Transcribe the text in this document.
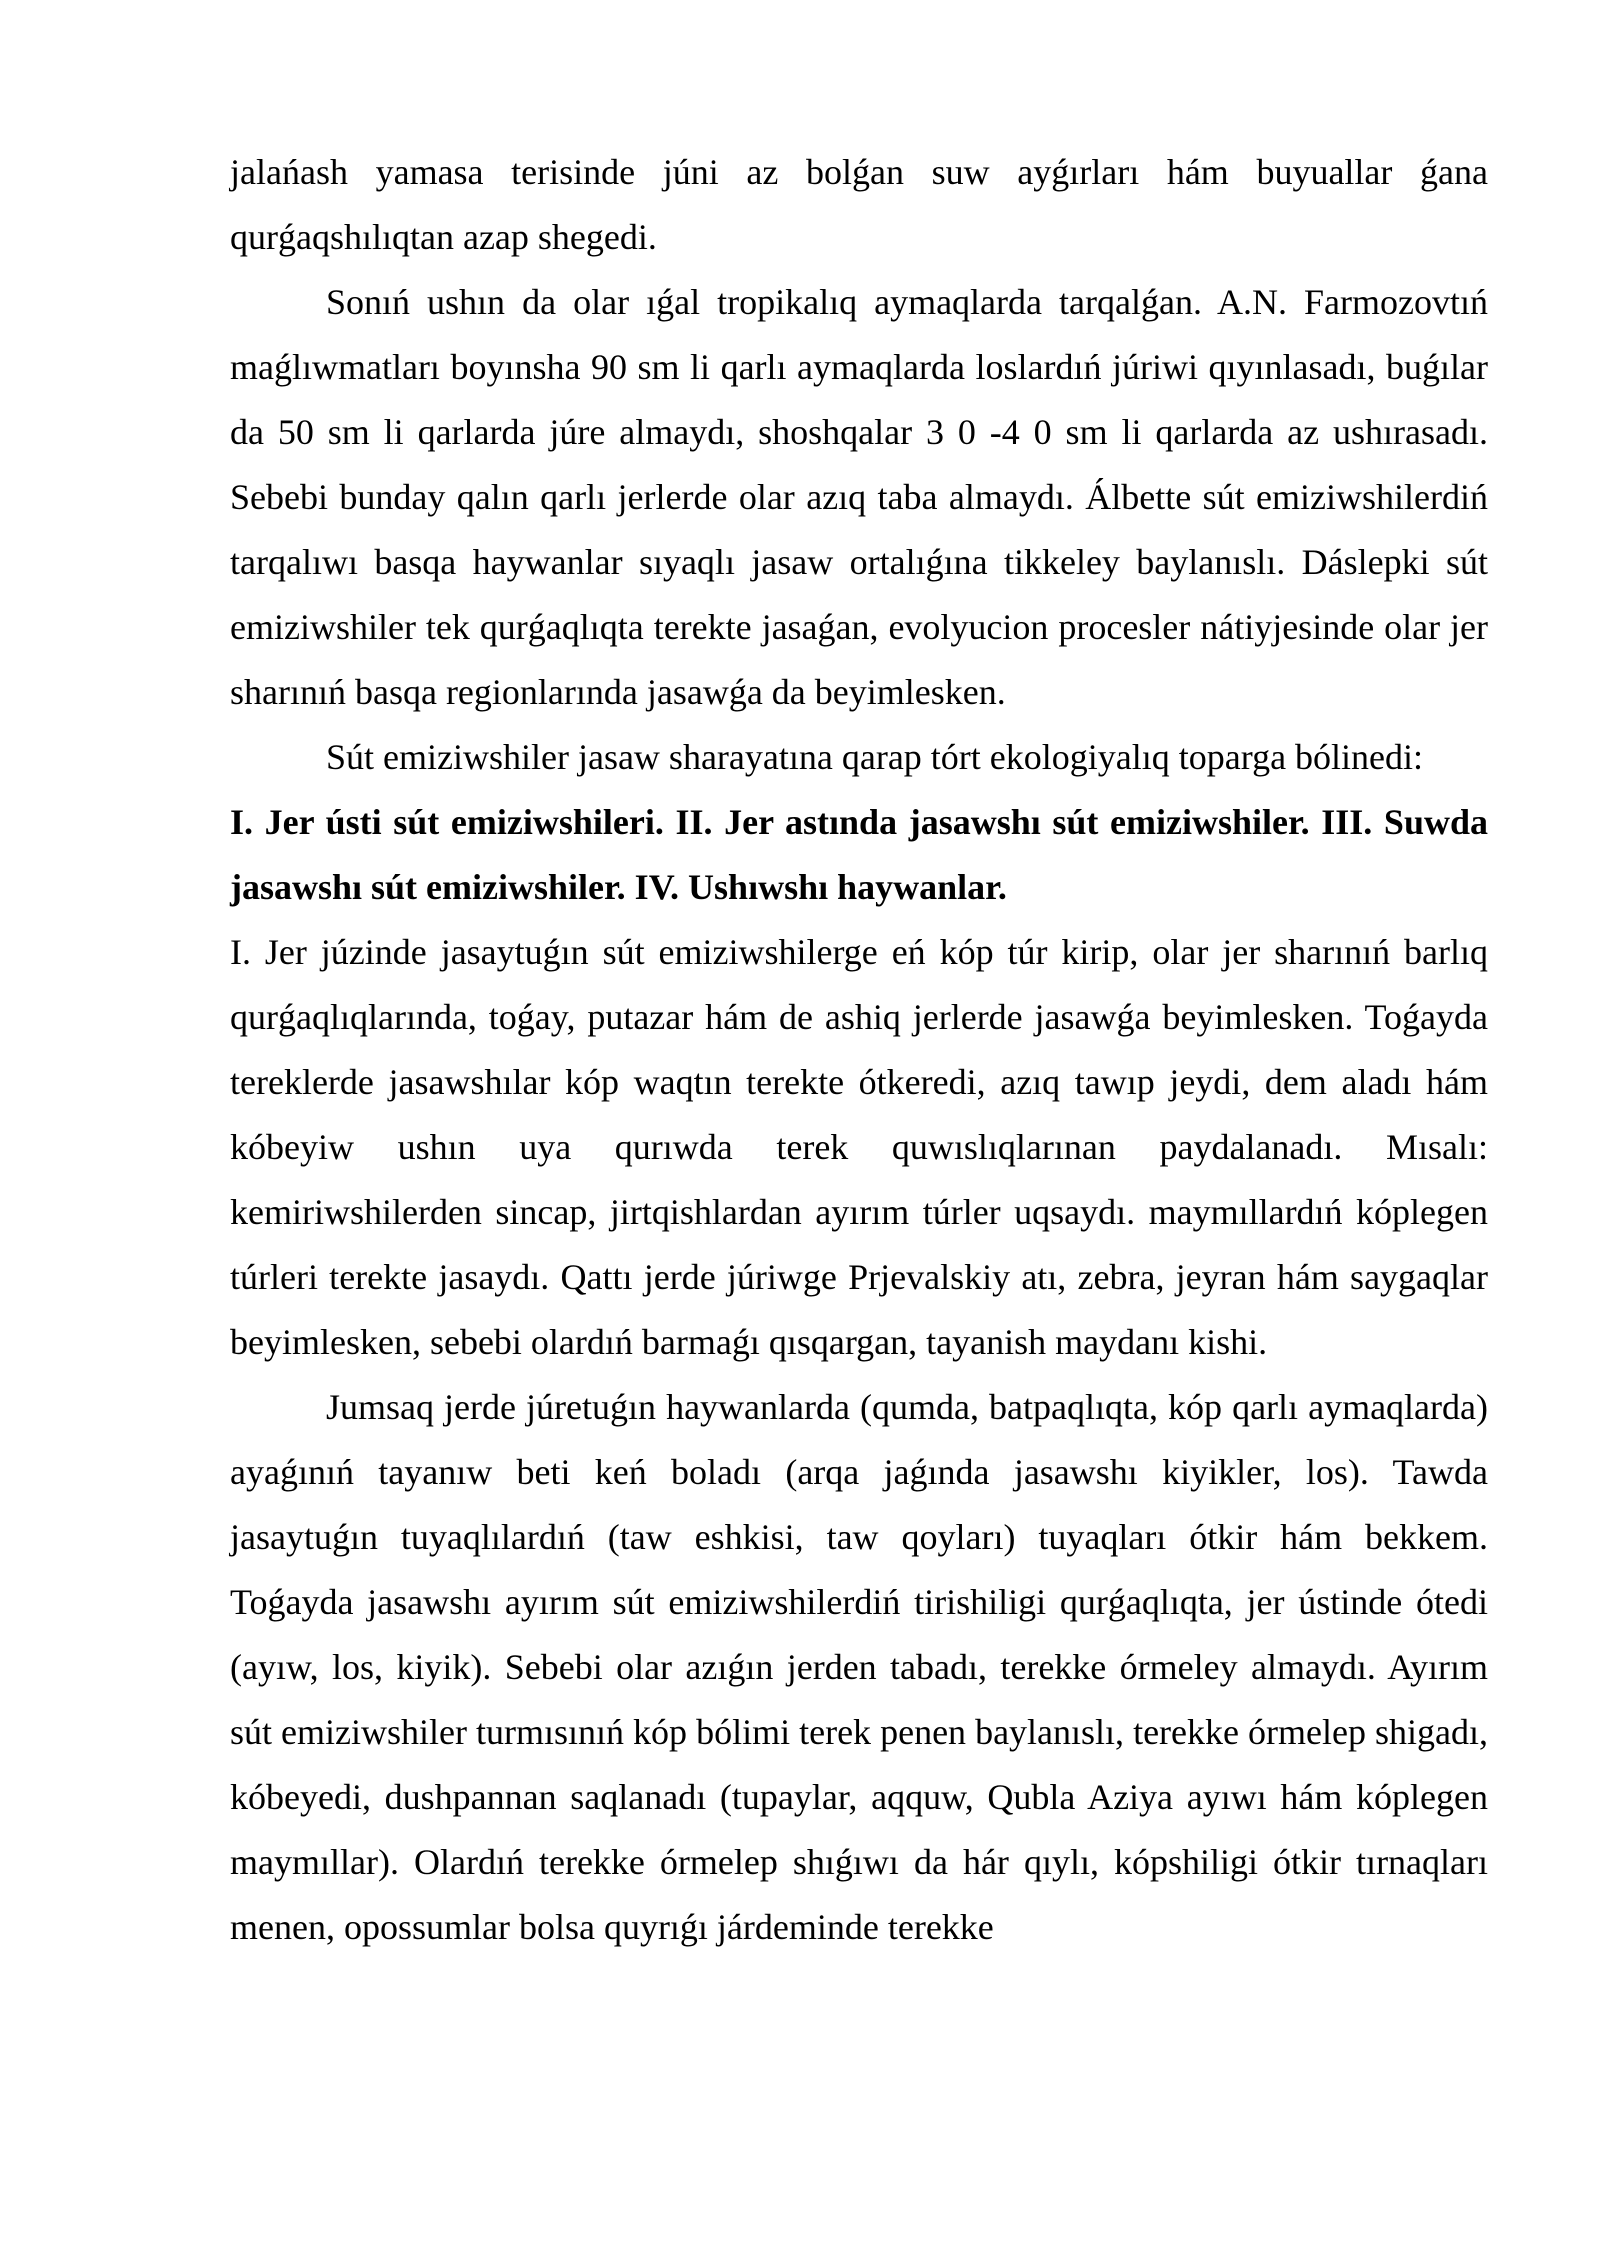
jalańash yamasa terisinde júni az bolǵan suw ayǵırları hám buyuallar ǵana qurǵaqshılıqtan azap shegedi.

Sonıń ushın da olar ıǵal tropikalıq aymaqlarda tarqalǵan. A.N. Farmozovtıń maǵlıwmatları boyınsha 90 sm li qarlı aymaqlarda loslardıń júriwi qıyınlasadı, buǵılar da 50 sm li qarlarda júre almaydı, shoshqalar 3 0 -4 0 sm li qarlarda az ushırasadı. Sebebi bunday qalın qarlı jerlerde olar azıq taba almaydı. Álbette sút emiziwshilerdiń tarqalıwı basqa haywanlar sıyaqlı jasaw ortalıǵına tikkeley baylanıslı. Dáslepki sút emiziwshiler tek qurǵaqlıqta terekte jasaǵan, evolyucion procesler nátiyjesinde olar jer sharınıń basqa regionlarında jasawǵa da beyimlesken.

Sút emiziwshiler jasaw sharayatına qarap tórt ekologiyalıq toparga bólinedi:

I. Jer ústi sút emiziwshileri. II. Jer astında jasawshı sút emiziwshiler. III. Suwda jasawshı sút emiziwshiler. IV. Ushıwshı haywanlar.

I. Jer júzinde jasaytuǵın sút emiziwshilerge eń kóp túr kirip, olar jer sharınıń barlıq qurǵaqlıqlarında, toǵay, putazar hám de ashiq jerlerde jasawǵa beyimlesken. Toǵayda tereklerde jasawshılar kóp waqtın terekte ótkeredi, azıq tawıp jeydi, dem aladı hám kóbeyiw ushın uya qurıwda terek quwıslıqlarınan paydalanadı. Mısalı: kemiriwshilerden sincap, jirtqishlardan ayırım túrler uqsaydı. maymıllardıń kóplegen túrleri terekte jasaydı. Qattı jerde júriwge Prjevalskiy atı, zebra, jeyran hám saygaqlar beyimlesken, sebebi olardıń barmaǵı qısqargan, tayanish maydanı kishi.

Jumsaq jerde júretuǵın haywanlarda (qumda, batpaqlıqta, kóp qarlı aymaqlarda) ayaǵınıń tayanıw beti keń boladı (arqa jaǵında jasawshı kiyikler, los). Tawda jasaytuǵın tuyaqlılardıń (taw eshkisi, taw qoyları) tuyaqları ótkir hám bekkem. Toǵayda jasawshı ayırım sút emiziwshilerdiń tirishiligi qurǵaqlıqta, jer ústinde ótedi (ayıw, los, kiyik). Sebebi olar azıǵın jerden tabadı, terekke órmeley almaydı. Ayırım sút emiziwshiler turmısınıń kóp bólimi terek penen baylanıslı, terekke órmelep shigadı, kóbeyedi, dushpannan saqlanadı (tupaylar, aqquw, Qubla Aziya ayıwı hám kóplegen maymıllar). Olardıń terekke órmelep shıǵıwı da hár qıylı, kópshiligi ótkir tırnaqları menen, opossumlar bolsa quyrıǵı járdeminde terekke
